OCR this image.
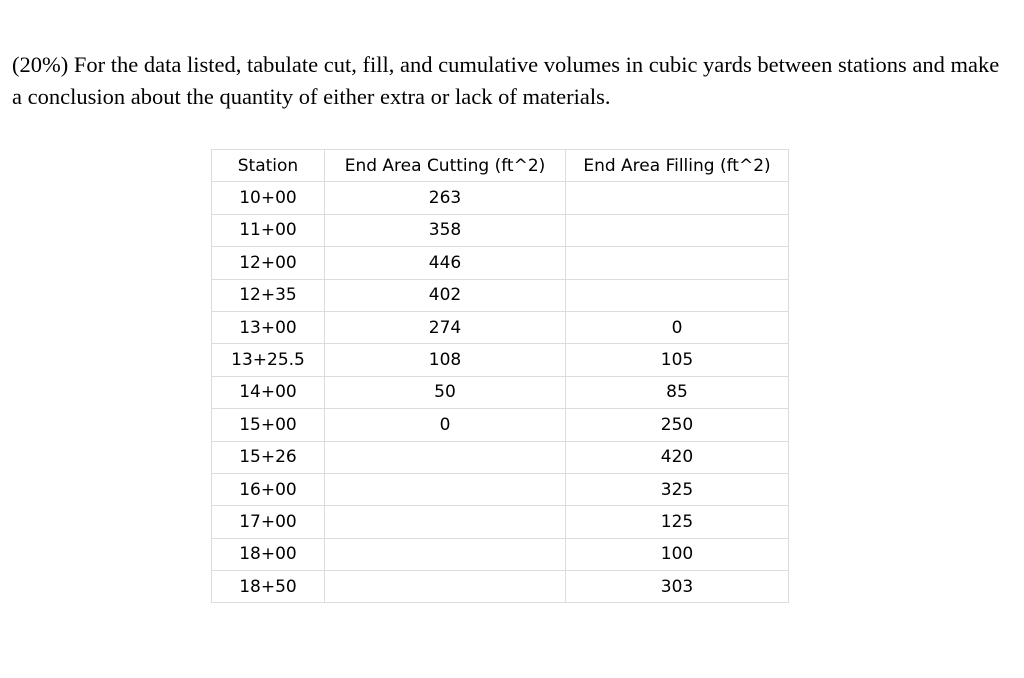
(20%) For the data listed, tabulate cut, fill, and cumulative volumes in cubic yards between stations and make a conclusion about the quantity of either extra or lack of materials.
Station	End Area Cutting (ft^2)	End Area Filling (ft^2)
10+00	263	
11+00	358	
12+00	446	
12+35	402	
13+00	274	0
13+25.5	108	105
14+00	50	85
15+00	0	250
15+26		420
16+00		325
17+00		125
18+00		100
18+50		303
